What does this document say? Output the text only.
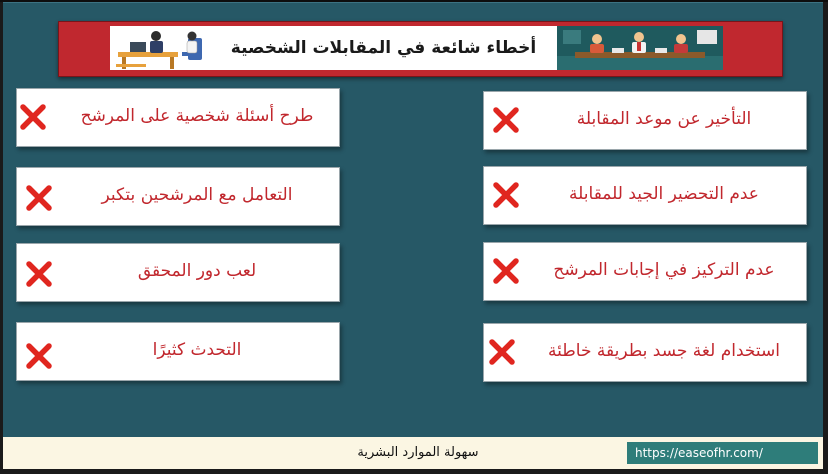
أخطاء شائعة في المقابلات الشخصية
التأخير عن موعد المقابلة
عدم التحضير الجيد للمقابلة
عدم التركيز في إجابات المرشح
استخدام لغة جسد بطريقة خاطئة
طرح أسئلة شخصية على المرشح
التعامل مع المرشحين بتكبر
لعب دور المحقق
التحدث كثيرًا
سهولة الموارد البشرية	https://easeofhr.com/
